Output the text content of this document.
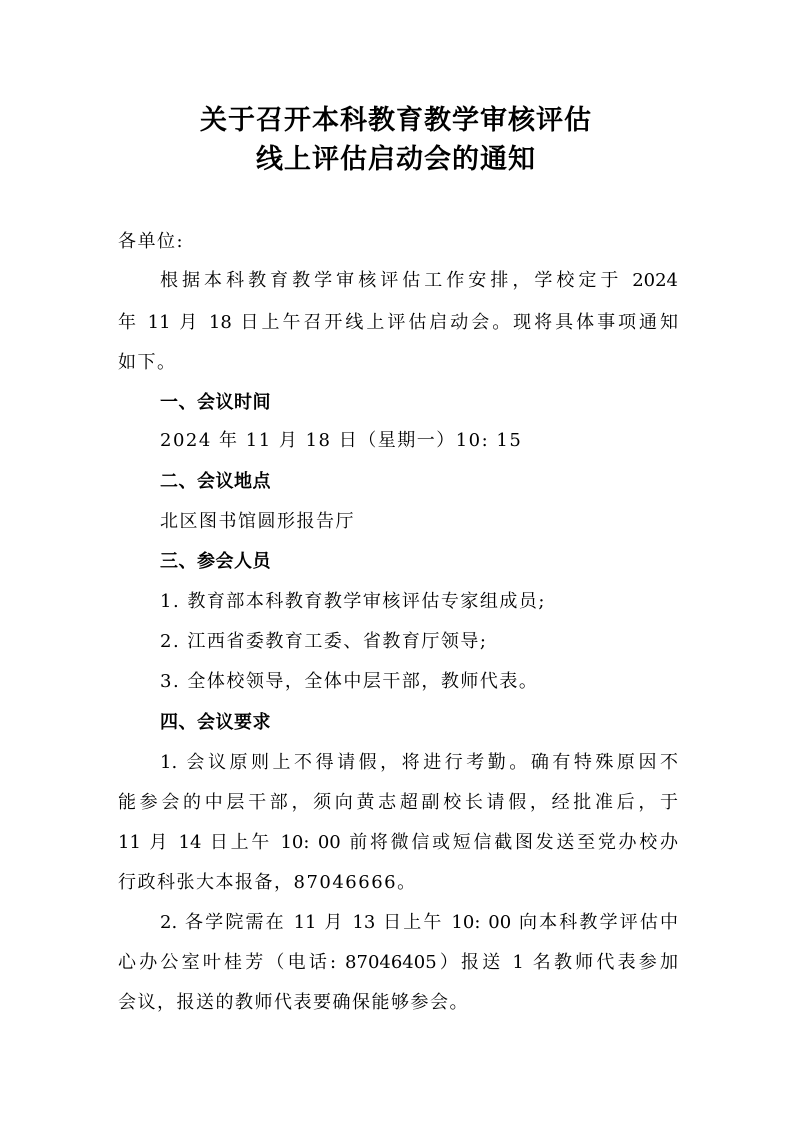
关于召开本科教育教学审核评估
线上评估启动会的通知

各单位:

根据本科教育教学审核评估工作安排，学校定于 2024

年 11 月 18 日上午召开线上评估启动会。现将具体事项通知

如下。

一、会议时间

2024 年 11 月 18 日（星期一）10: 15

二、会议地点

北区图书馆圆形报告厅

三、参会人员

1. 教育部本科教育教学审核评估专家组成员;

2. 江西省委教育工委、省教育厅领导;

3. 全体校领导，全体中层干部，教师代表。

四、会议要求

1. 会议原则上不得请假，将进行考勤。确有特殊原因不

能参会的中层干部，须向黄志超副校长请假，经批准后，于

11 月 14 日上午 10: 00 前将微信或短信截图发送至党办校办

行政科张大本报备，87046666。

2. 各学院需在 11 月 13 日上午 10: 00 向本科教学评估中

心办公室叶桂芳（电话: 87046405）报送 1 名教师代表参加

会议，报送的教师代表要确保能够参会。
